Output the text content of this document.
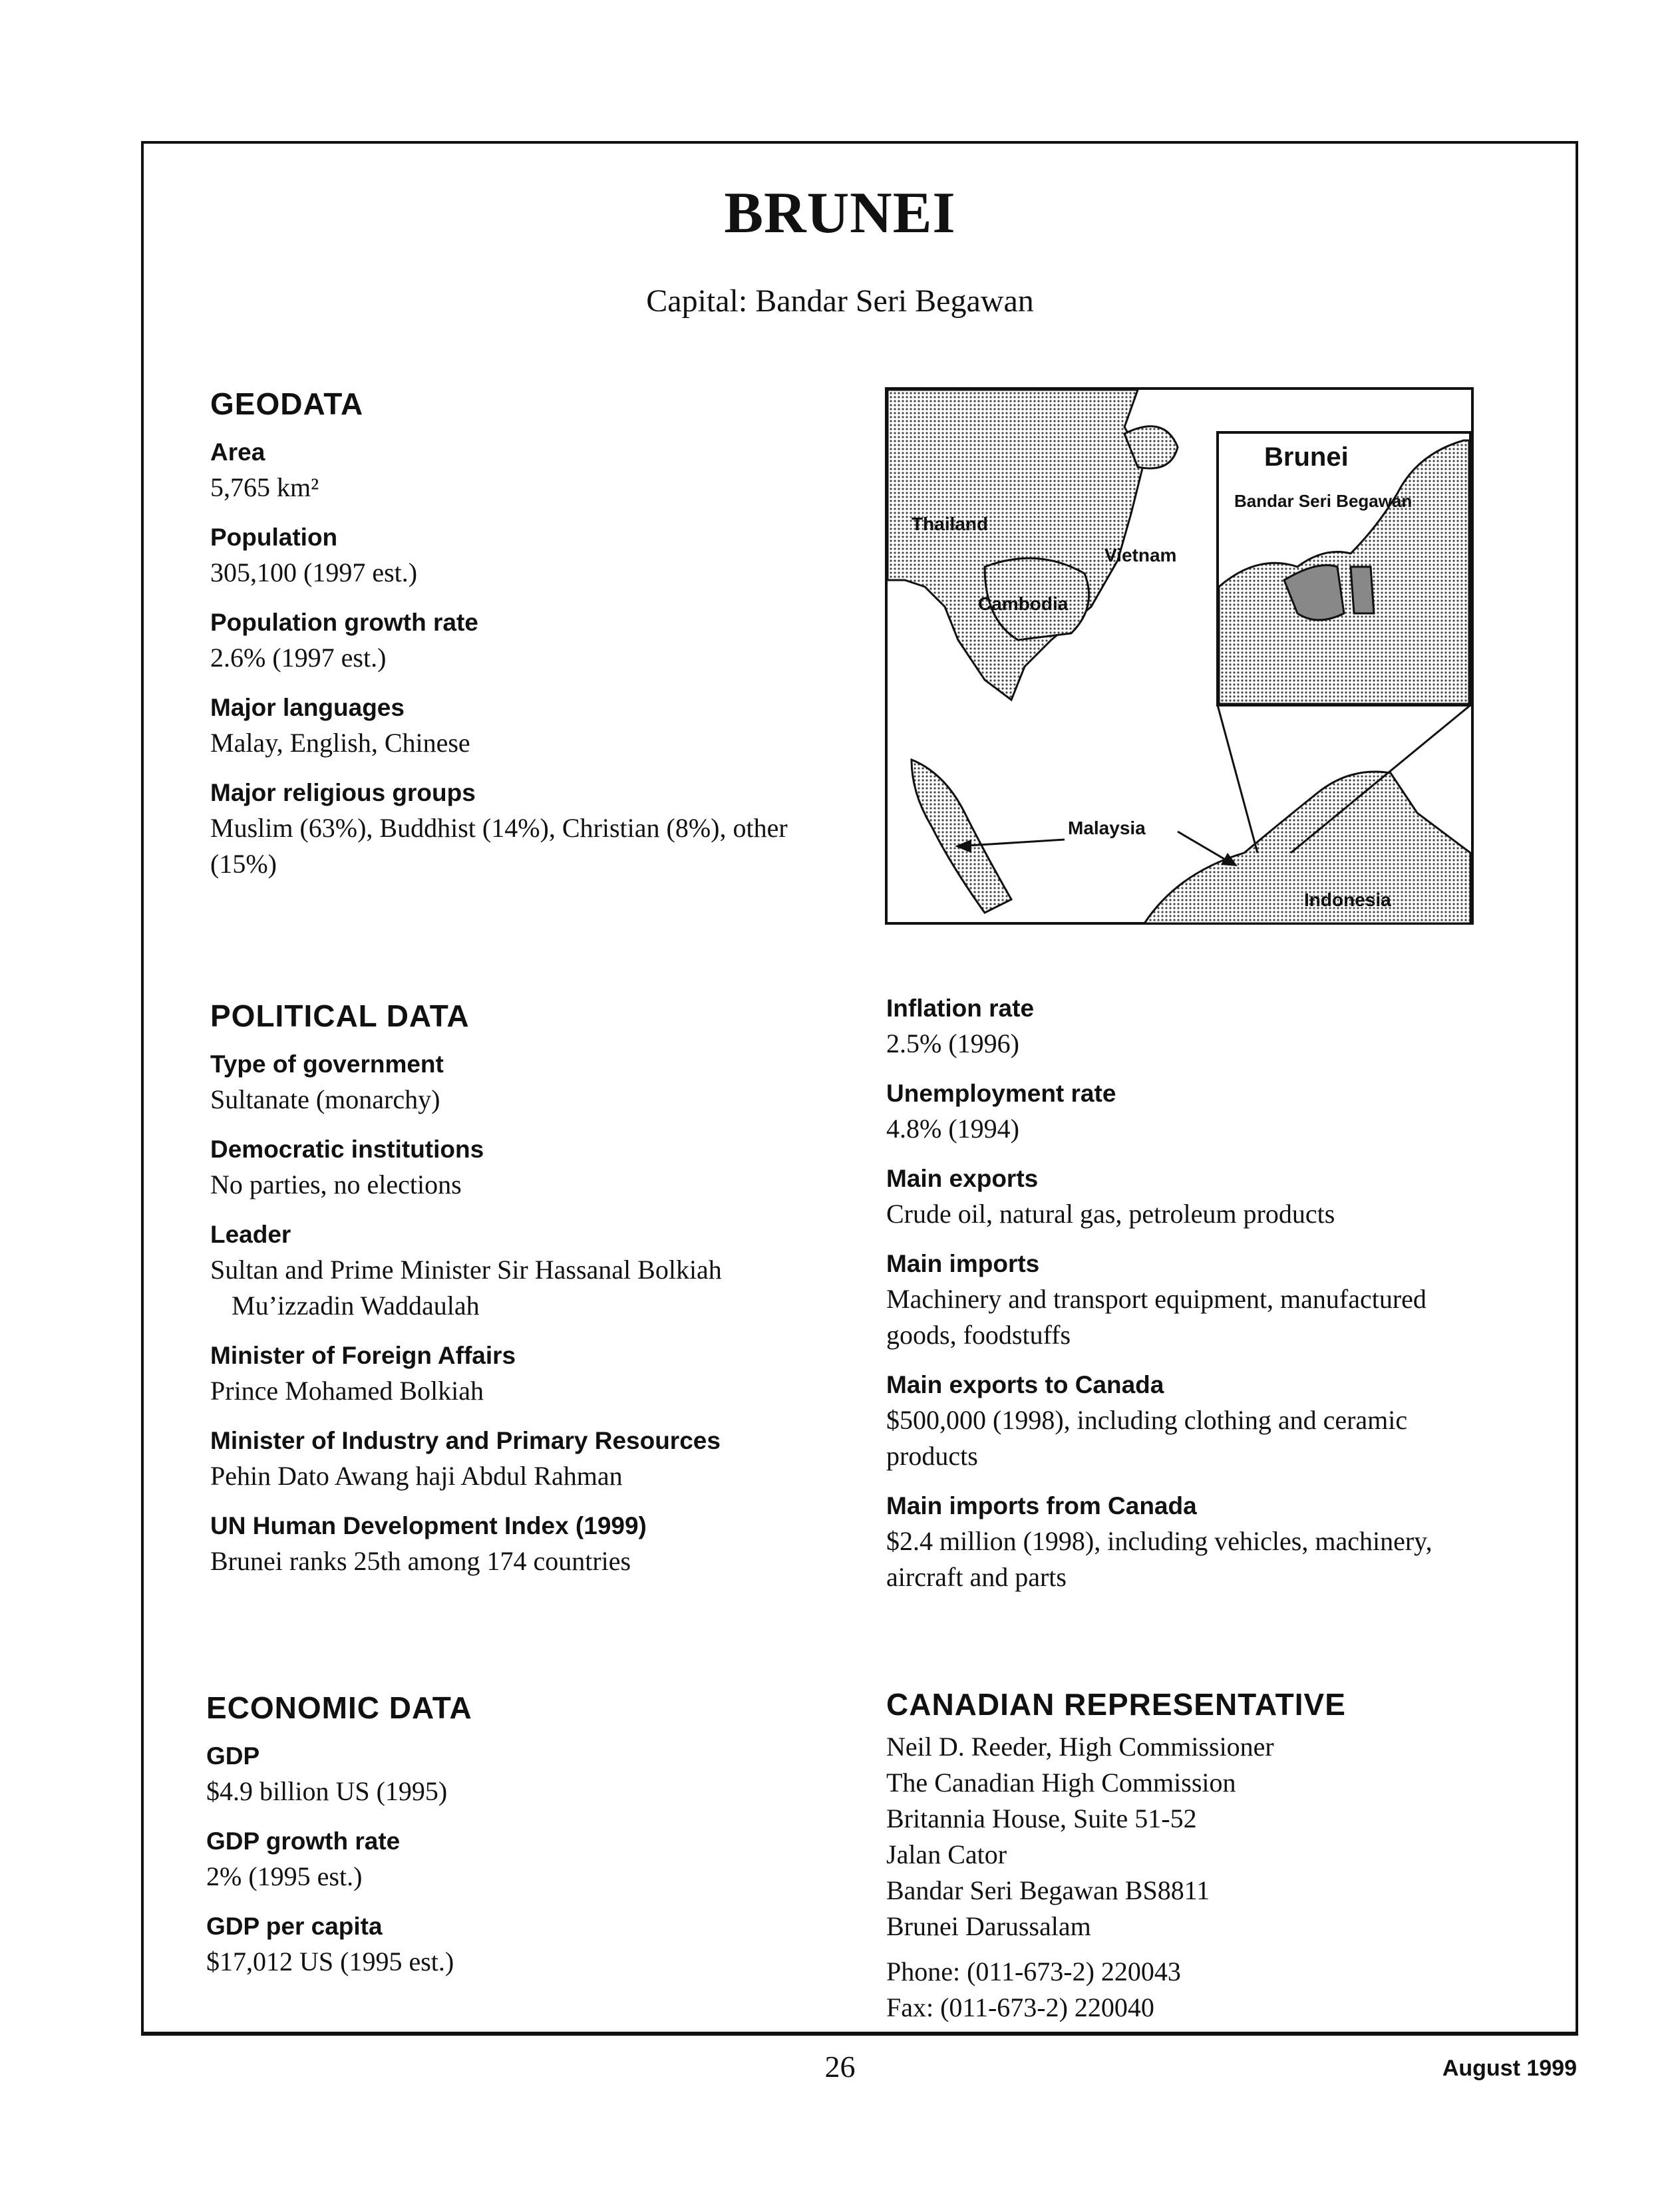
BRUNEI
Capital: Bandar Seri Begawan
GEODATA

Area

5,765 km²

Population

305,100 (1997 est.)

Population growth rate

2.6% (1997 est.)

Major languages

Malay, English, Chinese

Major religious groups

Muslim (63%), Buddhist (14%), Christian (8%), other (15%)

Thailand
Vietnam
Cambodia
Malaysia
Indonesia
Brunei
Bandar Seri Begawan
POLITICAL DATA

Type of government

Sultanate (monarchy)

Democratic institutions

No parties, no elections

Leader

Sultan and Prime Minister Sir Hassanal Bolkiah

Mu’izzadin Waddaulah

Minister of Foreign Affairs

Prince Mohamed Bolkiah

Minister of Industry and Primary Resources

Pehin Dato Awang haji Abdul Rahman

UN Human Development Index (1999)

Brunei ranks 25th among 174 countries

ECONOMIC DATA

GDP

$4.9 billion US (1995)

GDP growth rate

2% (1995 est.)

GDP per capita

$17,012 US (1995 est.)

Inflation rate

2.5% (1996)

Unemployment rate

4.8% (1994)

Main exports

Crude oil, natural gas, petroleum products

Main imports

Machinery and transport equipment, manufactured goods, foodstuffs

Main exports to Canada

$500,000 (1998), including clothing and ceramic products

Main imports from Canada

$2.4 million (1998), including vehicles, machinery, aircraft and parts

CANADIAN REPRESENTATIVE

Neil D. Reeder, High Commissioner

The Canadian High Commission

Britannia House, Suite 51-52

Jalan Cator

Bandar Seri Begawan BS8811

Brunei Darussalam

Phone: (011-673-2) 220043

Fax: (011-673-2) 220040

26	August 1999
